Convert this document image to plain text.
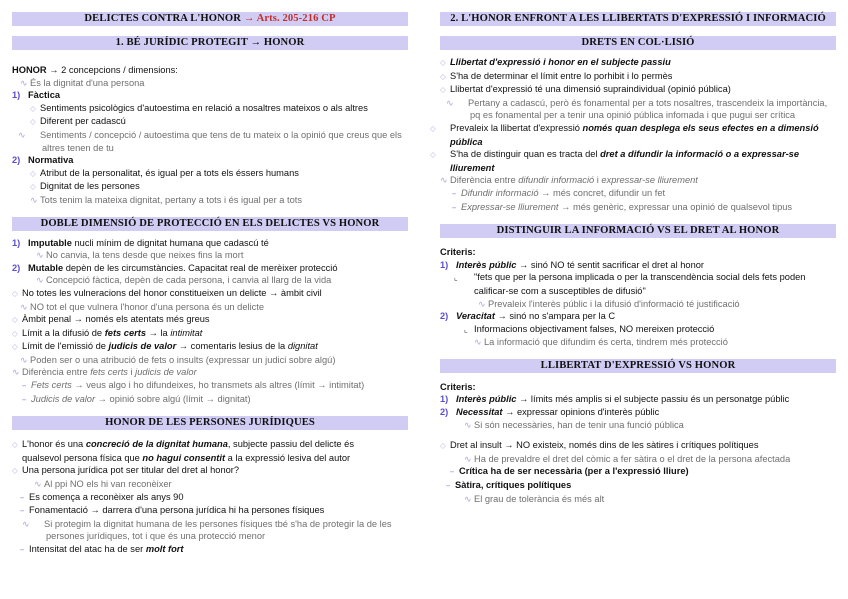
DELICTES CONTRA L'HONOR → Arts. 205-216 CP
1. BÉ JURÍDIC PROTEGIT → HONOR
HONOR → 2 concepcions / dimensions:
∿ És la dignitat d'una persona
1) Fàctica
◇ Sentiments psicològics d'autoestima en relació a nosaltres mateixos o als altres
◇ Diferent per cadascú
∿ Sentiments / concepció / autoestima que tens de tu mateix o la opinió que creus que els altres tenen de tu
2) Normativa
◇ Atribut de la personalitat, és igual per a tots els éssers humans
◇ Dignitat de les persones
∿ Tots tenim la mateixa dignitat, pertany a tots i és igual per a tots
DOBLE DIMENSIÓ DE PROTECCIÓ EN ELS DELICTES VS HONOR
1) Imputable nucli mínim de dignitat humana que cadascú té
∿ No canvia, la tens desde que neixes fins la mort
2) Mutable depèn de les circumstàncies. Capacitat real de merèixer protecció
∿ Concepció fàctica, depèn de cada persona, i canvia al llarg de la vida
◇ No totes les vulneracions del honor constitueixen un delicte → àmbit civil
∿ NO tot el que vulnera l'honor d'una persona és un delicte
◇ Àmbit penal → només els atentats més greus
◇ Límit a la difusió de fets certs → la intimitat
◇ Límit de l'emissió de judicis de valor → comentaris lesius de la dignitat
∿ Poden ser o una atribució de fets o insults (expressar un judici sobre algú)
∿ Diferència entre fets certs i judicis de valor
– Fets certs → veus algo i ho difundeixes, ho transmets als altres (límit → intimitat)
– Judicis de valor → opinió sobre algú (límit → dignitat)
HONOR DE LES PERSONES JURÍDIQUES
◇ L'honor és una concreció de la dignitat humana, subjecte passiu del delicte és
qualsevol persona física que no hagui consentit a la expressió lesiva del autor
◇ Una persona jurídica pot ser titular del dret al honor?
∿ Al ppi NO els hi van reconèixer
– Es comença a reconèixer als anys 90
– Fonamentació → darrera d'una persona jurídica hi ha persones físiques
∿ Si protegim la dignitat humana de les persones físiques tbé s'ha de protegir la de les persones jurídiques, tot i que és una protecció menor
– Intensitat del atac ha de ser molt fort
2. L'HONOR ENFRONT A LES LLIBERTATS D'EXPRESSIÓ I INFORMACIÓ
DRETS EN COL·LISIÓ
◇ Llibertat d'expressió i honor en el subjecte passiu
◇ S'ha de determinar el límit entre lo porhibit i lo permès
◇ Llibertat d'expressió té una dimensió supraindividual (opinió pública)
∿ Pertany a cadascú, però és fonamental per a tots nosaltres, trascendeix la importància, pq es fonamental per a tenir una opinió pública infomada i que pugui ser crítica
◇ Prevaleix la llibertat d'expressió només quan desplega els seus efectes en a dimensió pública
◇ S'ha de distinguir quan es tracta del dret a difundir la informació o a expressar-se lliurement
∿ Diferència entre difundir informació i expressar-se lliurement
– Difundir informació → més concret, difundir un fet
– Expressar-se lliurement → més genèric, expressar una opinió de qualsevol tipus
DISTINGUIR LA INFORMACIÓ VS EL DRET AL HONOR
Criteris:
1) Interès públic → sinó NO té sentit sacrificar el dret al honor
⌞ "fets que per la persona implicada o per la transcendència social dels fets poden calificar-se com a susceptibles de difusió"
∿ Prevaleix l'interès públic i la difusió d'informació té justificació
2) Veracitat → sinó no s'ampara per la C
⌞ Informacions objectivament falses, NO mereixen protecció
∿ La informació que difundim és certa, tindrem més protecció
LLIBERTAT D'EXPRESSIÓ VS HONOR
Criteris:
1) Interès públic → límits més amplis si el subjecte passiu és un personatge públic
2) Necessitat → expressar opinions d'interès públic
∿ Si són necessàries, han de tenir una funció pública
◇ Dret al insult → NO existeix, només dins de les sàtires i crítiques polítiques
∿ Ha de prevaldre el dret del còmic a fer sàtira o el dret de la persona afectada
– Crítica ha de ser necessària (per a l'expressió lliure)
– Sàtira, crítiques polítiques
∿ El grau de tolerància és més alt
